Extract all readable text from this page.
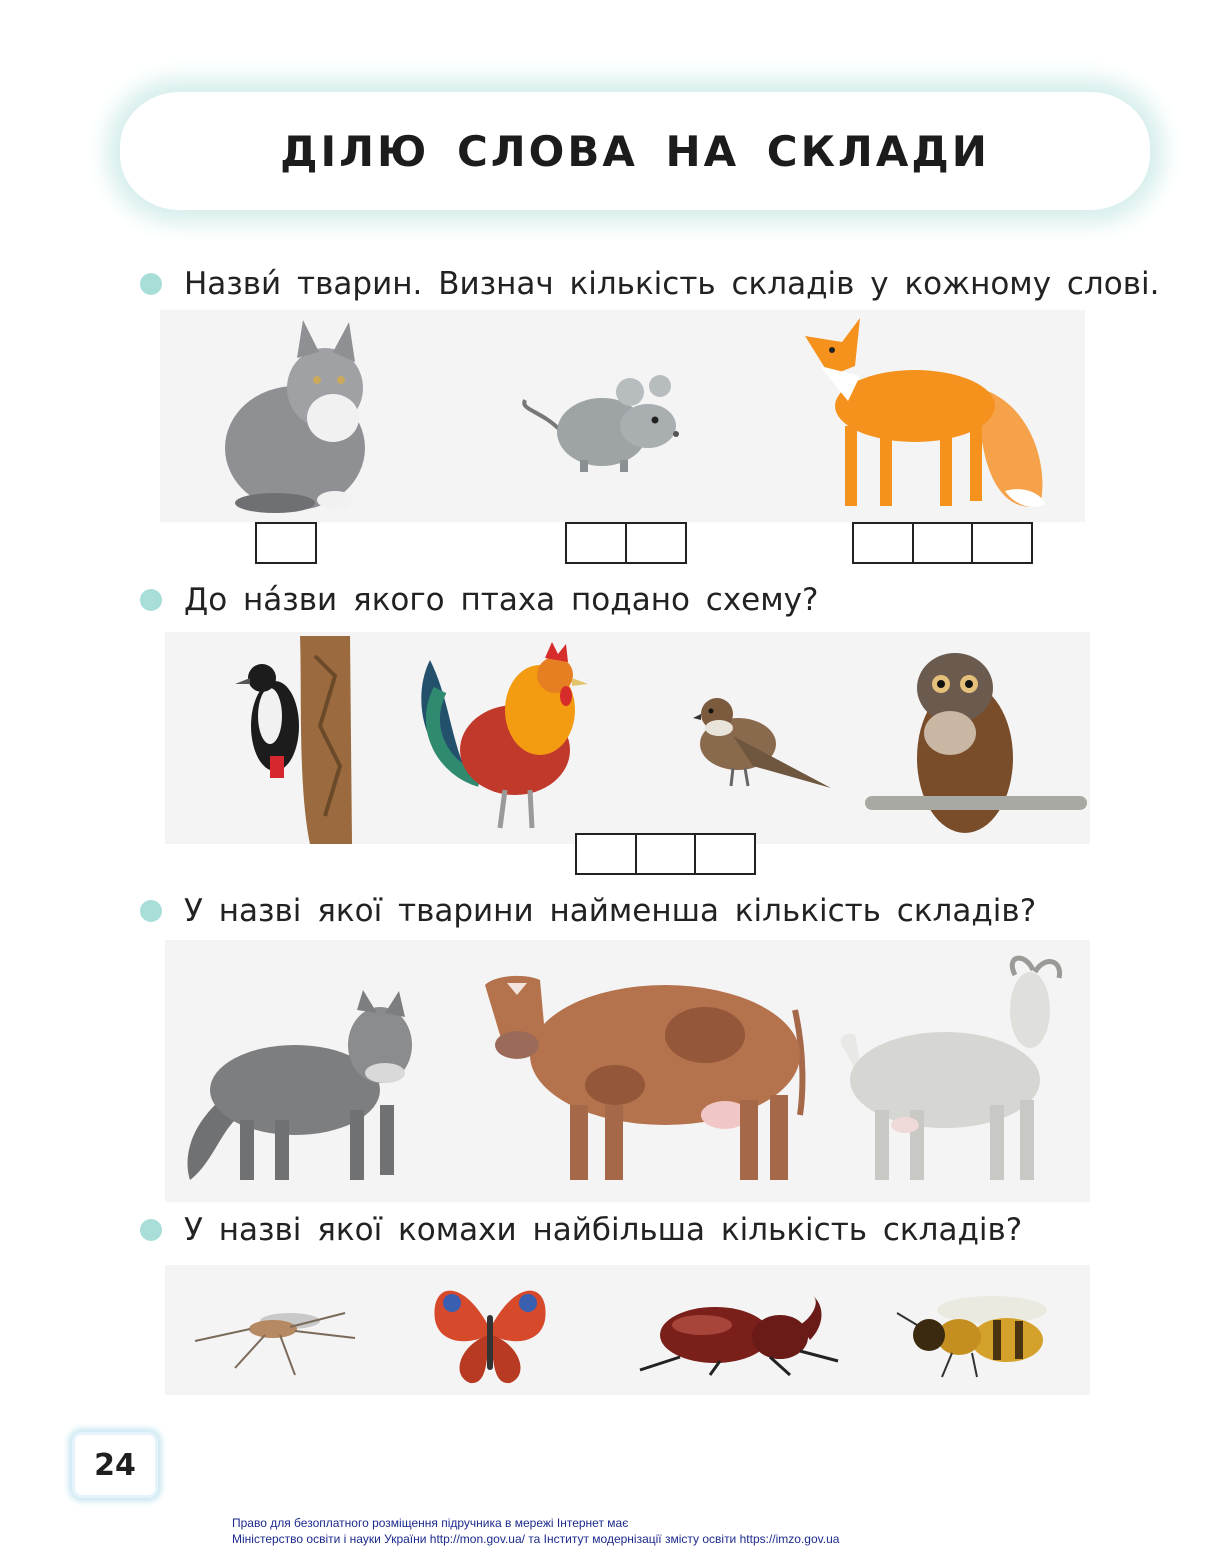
ДІЛЮ СЛОВА НА СКЛАДИ
Назви́ тварин. Визнач кількість складів у кожному слові.
До на́зви якого птаха подано схему?
У назві якої тварини найменша кількість складів?
У назві якої комахи найбільша кількість складів?
24
Право для безоплатного розміщення підручника в мережі Інтернет має
Міністерство освіти і науки України http://mon.gov.ua/ та Інститут модернізації змісту освіти https://imzo.gov.ua
